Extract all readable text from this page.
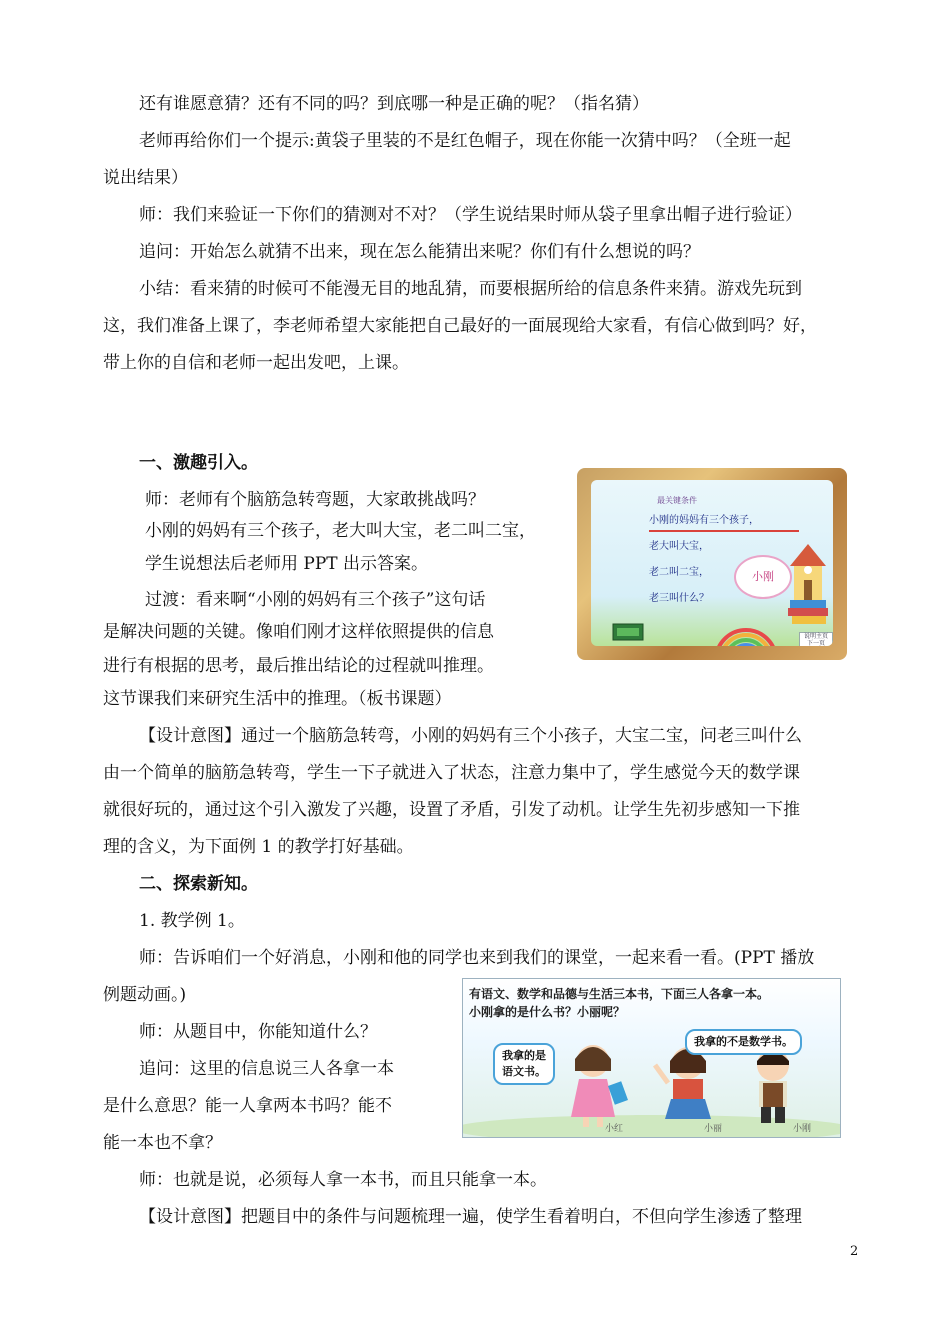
还有谁愿意猜？还有不同的吗？到底哪一种是正确的呢？（指名猜）

老师再给你们一个提示:黄袋子里装的不是红色帽子，现在你能一次猜中吗？（全班一起

说出结果）

师：我们来验证一下你们的猜测对不对？（学生说结果时师从袋子里拿出帽子进行验证）

追问：开始怎么就猜不出来，现在怎么能猜出来呢？你们有什么想说的吗？

小结：看来猜的时候可不能漫无目的地乱猜，而要根据所给的信息条件来猜。游戏先玩到

这，我们准备上课了，李老师希望大家能把自己最好的一面展现给大家看，有信心做到吗？好，

带上你的自信和老师一起出发吧，上课。

一、激趣引入。

师：老师有个脑筋急转弯题，大家敢挑战吗？

小刚的妈妈有三个孩子，老大叫大宝，老二叫二宝，

学生说想法后老师用 PPT 出示答案。

过渡：看来啊“小刚的妈妈有三个孩子”这句话

是解决问题的关键。像咱们刚才这样依照提供的信息

进行有根据的思考，最后推出结论的过程就叫推理。

这节课我们来研究生活中的推理。（板书课题）

最关键条件
小刚的妈妈有三个孩子，
老大叫大宝，
老二叫二宝，
老三叫什么？
小刚
说明主页
下一页

【设计意图】通过一个脑筋急转弯，小刚的妈妈有三个小孩子，大宝二宝，问老三叫什么

由一个简单的脑筋急转弯，学生一下子就进入了状态，注意力集中了，学生感觉今天的数学课

就很好玩的，通过这个引入激发了兴趣，设置了矛盾，引发了动机。让学生先初步感知一下推

理的含义，为下面例 1 的教学打好基础。

二、探索新知。

1. 教学例 1。

师：告诉咱们一个好消息，小刚和他的同学也来到我们的课堂，一起来看一看。(PPT 播放

例题动画。)

师：从题目中，你能知道什么？

追问：这里的信息说三人各拿一本

是什么意思？能一人拿两本书吗？能不

能一本也不拿？

师：也就是说，必须每人拿一本书，而且只能拿一本。

【设计意图】把题目中的条件与问题梳理一遍，使学生看着明白，不但向学生渗透了整理

有语文、数学和品德与生活三本书，下面三人各拿一本。
小刚拿的是什么书？小丽呢？
我拿的是
语文书。
我拿的不是数学书。
小红	小丽	小刚
2
